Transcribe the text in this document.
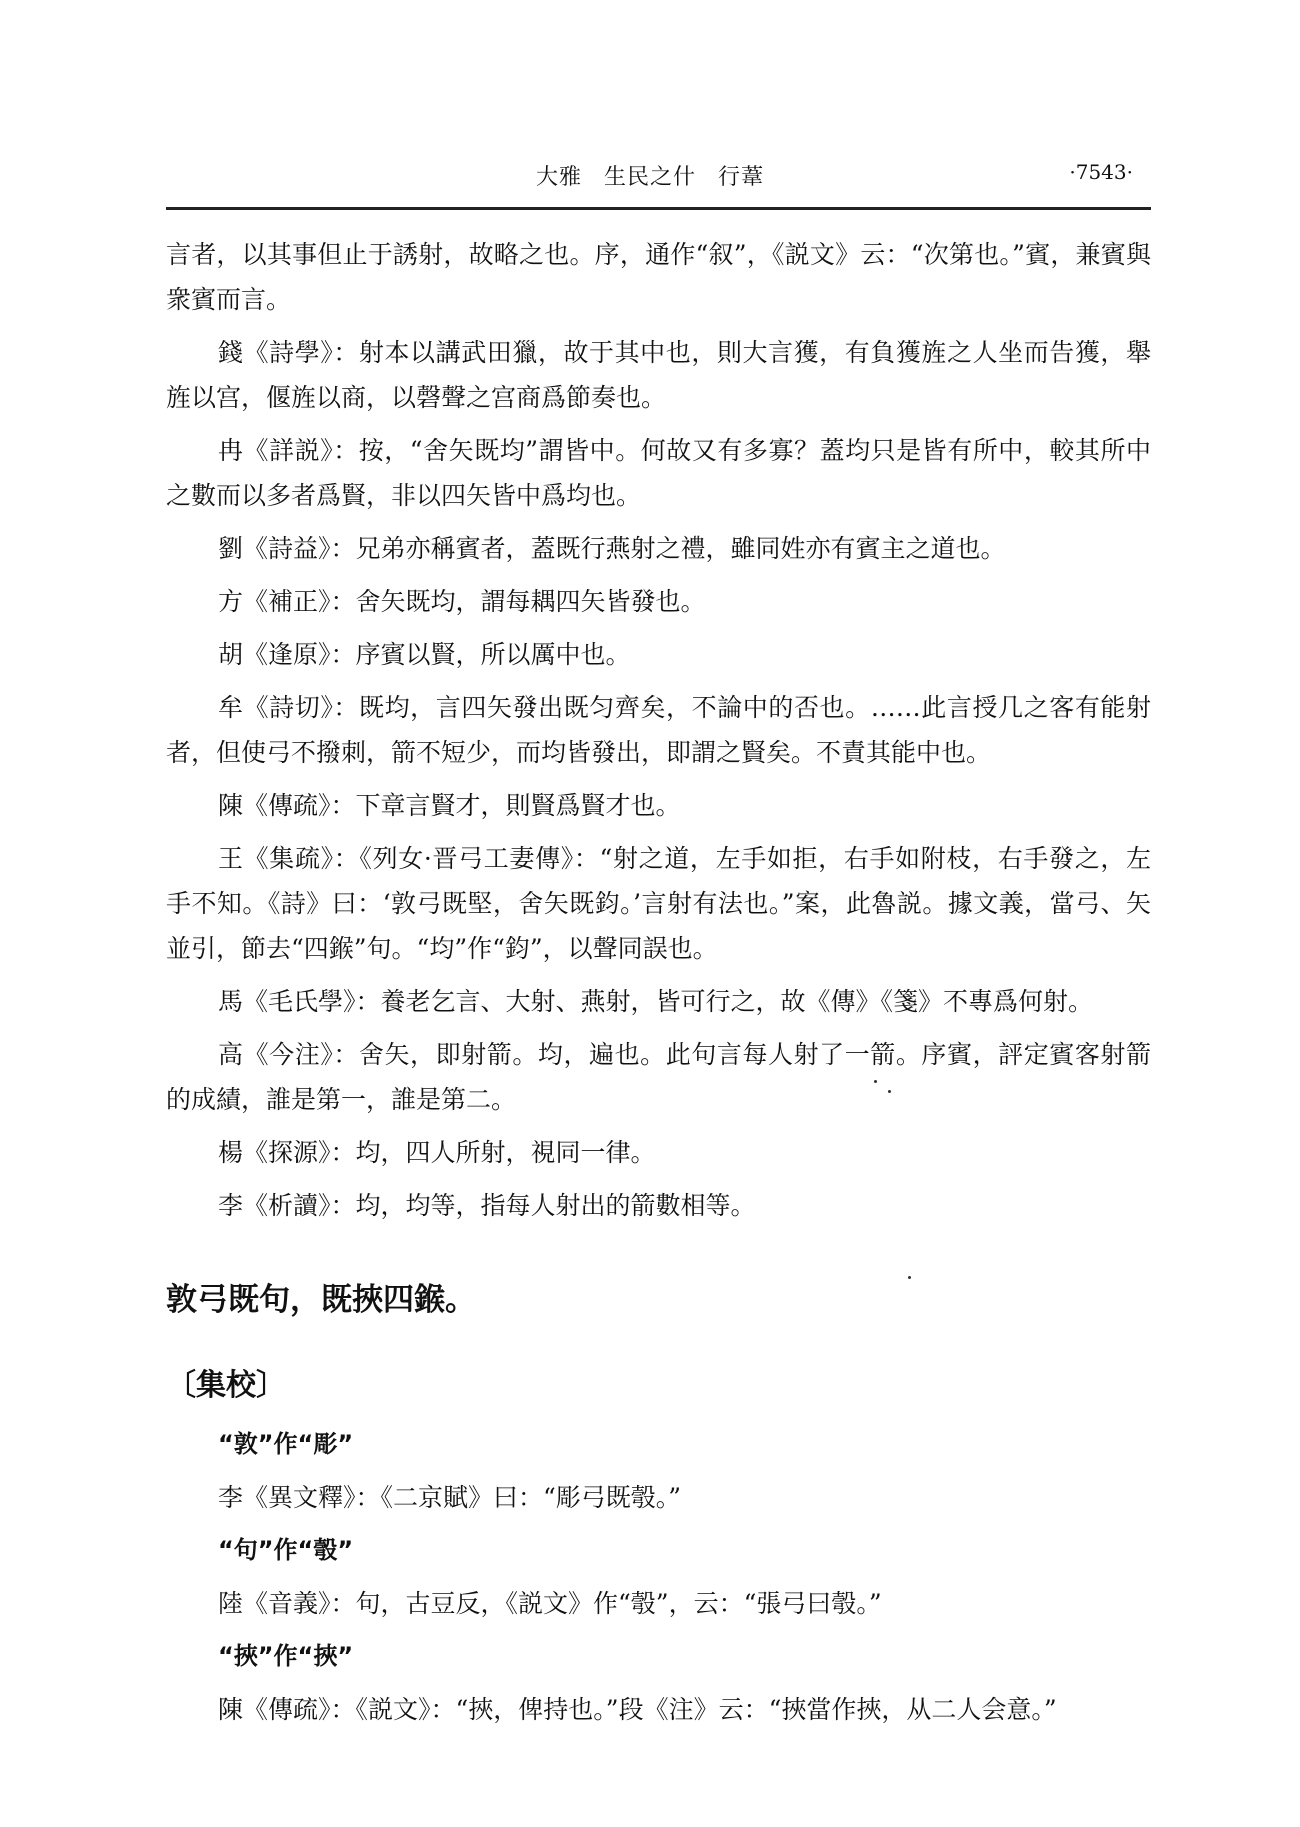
大雅 生民之什 行葦	·7543·

言者，以其事但止于誘射，故略之也。序，通作“叙”，《説文》云：“次第也。”賓，兼賓與衆賓而言。

錢《詩學》：射本以講武田獵，故于其中也，則大言獲，有負獲旌之人坐而告獲，舉旌以宫，偃旌以商，以磬聲之宫商爲節奏也。

冉《詳説》：按，“舍矢既均”謂皆中。何故又有多寡？蓋均只是皆有所中，較其所中之數而以多者爲賢，非以四矢皆中爲均也。

劉《詩益》：兄弟亦稱賓者，蓋既行燕射之禮，雖同姓亦有賓主之道也。

方《補正》：舍矢既均，謂每耦四矢皆發也。

胡《逢原》：序賓以賢，所以厲中也。

牟《詩切》：既均，言四矢發出既匀齊矣，不論中的否也。……此言授几之客有能射者，但使弓不撥刺，箭不短少，而均皆發出，即謂之賢矣。不責其能中也。

陳《傳疏》：下章言賢才，則賢爲賢才也。

王《集疏》：《列女·晋弓工妻傳》：“射之道，左手如拒，右手如附枝，右手發之，左手不知。《詩》曰：‘敦弓既堅，舍矢既鈞。’言射有法也。”案，此魯説。據文義，當弓、矢並引，節去“四鍭”句。“均”作“鈞”，以聲同誤也。

馬《毛氏學》：養老乞言、大射、燕射，皆可行之，故《傳》《箋》不專爲何射。

高《今注》：舍矢，即射箭。均，遍也。此句言每人射了一箭。序賓，評定賓客射箭的成績，誰是第一，誰是第二。

楊《探源》：均，四人所射，視同一律。

李《析讀》：均，均等，指每人射出的箭數相等。

敦弓既句，既挾四鍭。

〔集校〕

“敦”作“彫”

李《異文釋》：《二京賦》曰：“彫弓既彀。”

“句”作“彀”

陸《音義》：句，古豆反，《説文》作“彀”，云：“張弓曰彀。”

“挾”作“挾”

陳《傳疏》：《説文》：“挾，俾持也。”段《注》云：“挾當作挾，从二人会意。”
